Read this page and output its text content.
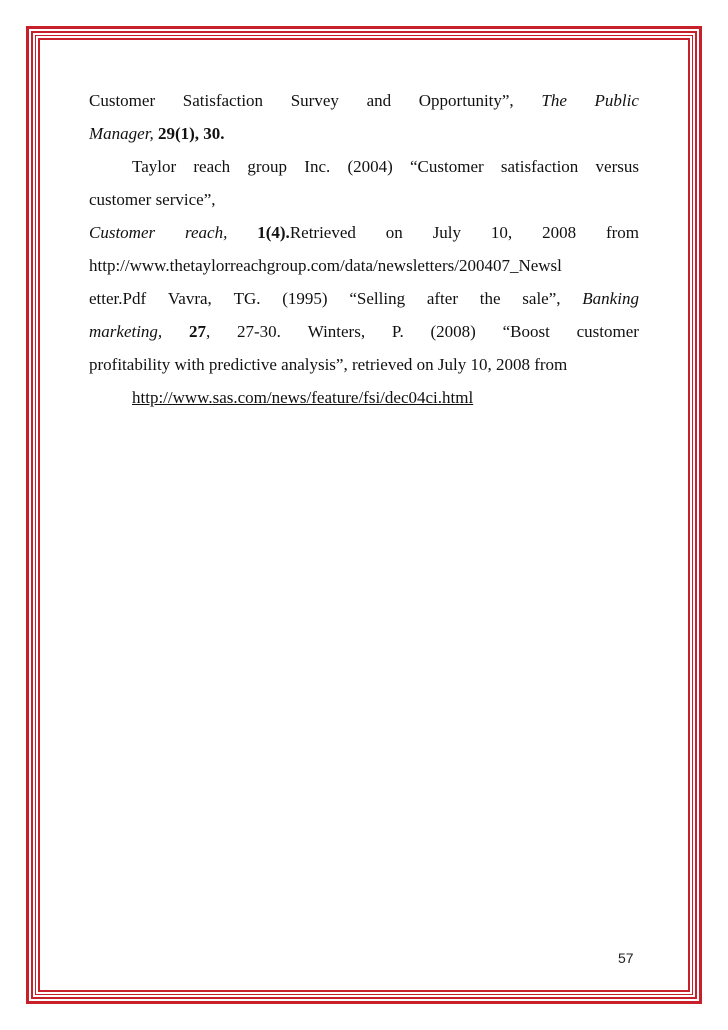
Customer Satisfaction Survey and Opportunity”, The Public
Manager,
29(1), 30.
Taylor reach group Inc. (2004) “Customer satisfaction versus
customer service”,
Customer reach, 1(4).Retrieved on July 10, 2008 from
http://www.thetaylorreachgroup.com/data/newsletters/200407_Newsl
etter.Pdf Vavra, TG. (1995) “Selling after the sale”, Banking
marketing, 27, 27-30. Winters, P. (2008) “Boost customer
profitability with predictive analysis”, retrieved on July 10, 2008 from
http://www.sas.com/news/feature/fsi/dec04ci.html
57
